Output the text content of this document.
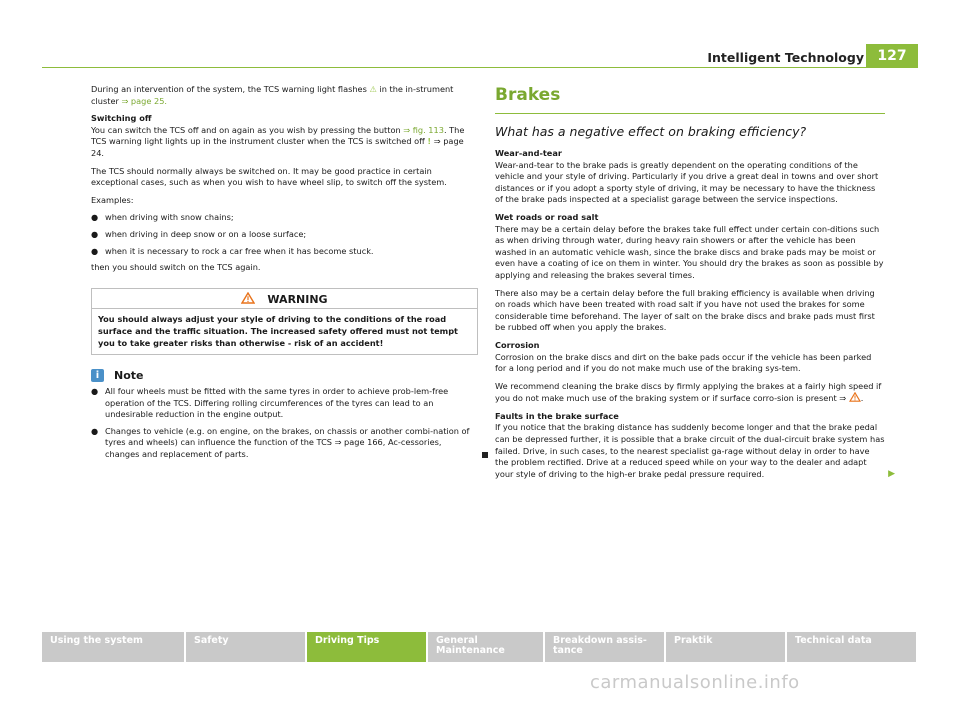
Intelligent Technology 127

During an intervention of the system, the TCS warning light flashes ⚠ in the in-strument cluster ⇒ page 25.

Switching off

You can switch the TCS off and on again as you wish by pressing the button ⇒ fig. 113. The TCS warning light lights up in the instrument cluster when the TCS is switched off ! ⇒ page 24.

The TCS should normally always be switched on. It may be good practice in certain exceptional cases, such as when you wish to have wheel slip, to switch off the system.

Examples:

● when driving with snow chains;
● when driving in deep snow or on a loose surface;
● when it is necessary to rock a car free when it has become stuck.

then you should switch on the TCS again.

WARNING
You should always adjust your style of driving to the conditions of the road surface and the traffic situation. The increased safety offered must not tempt you to take greater risks than otherwise - risk of an accident!
i	Note
● All four wheels must be fitted with the same tyres in order to achieve prob-lem-free operation of the TCS. Differing rolling circumferences of the tyres can lead to an undesirable reduction in the engine output.
● Changes to vehicle (e.g. on engine, on the brakes, on chassis or another combi-nation of tyres and wheels) can influence the function of the TCS ⇒ page 166, Ac-cessories, changes and replacement of parts.
Brakes
What has a negative effect on braking efficiency?

Wear-and-tear

Wear-and-tear to the brake pads is greatly dependent on the operating conditions of the vehicle and your style of driving. Particularly if you drive a great deal in towns and over short distances or if you adopt a sporty style of driving, it may be necessary to have the thickness of the brake pads inspected at a specialist garage between the service inspections.

Wet roads or road salt

There may be a certain delay before the brakes take full effect under certain con-ditions such as when driving through water, during heavy rain showers or after the vehicle has been washed in an automatic vehicle wash, since the brake discs and brake pads may be moist or even have a coating of ice on them in winter. You should dry the brakes as soon as possible by applying and releasing the brakes several times.

There also may be a certain delay before the full braking efficiency is available when driving on roads which have been treated with road salt if you have not used the brakes for some considerable time beforehand. The layer of salt on the brake discs and brake pads must first be rubbed off when you apply the brakes.

Corrosion

Corrosion on the brake discs and dirt on the bake pads occur if the vehicle has been parked for a long period and if you do not make much use of the braking sys-tem.

We recommend cleaning the brake discs by firmly applying the brakes at a fairly high speed if you do not make much use of the braking system or if surface corro-sion is present ⇒ .

Faults in the brake surface

If you notice that the braking distance has suddenly become longer and that the brake pedal can be depressed further, it is possible that a brake circuit of the dual-circuit brake system has failed. Drive, in such cases, to the nearest specialist ga-rage without delay in order to have the problem rectified. Drive at a reduced speed while on your way to the dealer and adapt your style of driving to the high-er brake pedal pressure required.	▶

Using the system	Safety	Driving Tips	General Maintenance
Breakdown assis-tance
Praktik	Technical data
carmanualsonline.info
